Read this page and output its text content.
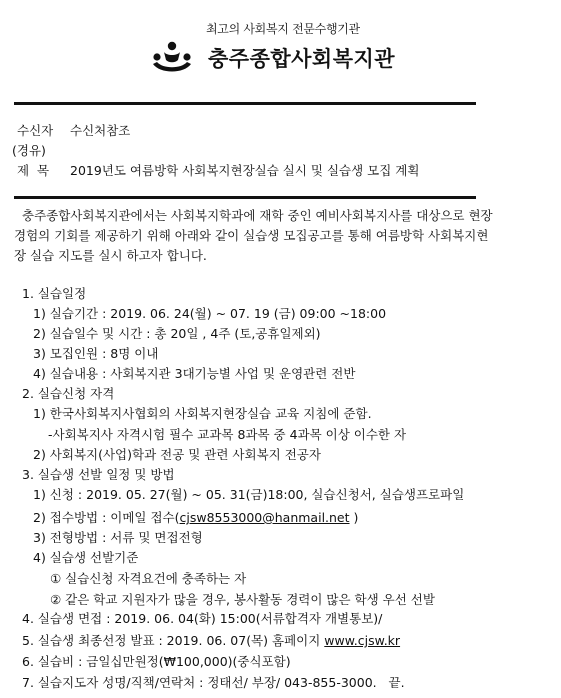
최고의 사회복지 전문수행기관
충주종합사회복지관
수신자 수신처참조
(경유)
제  목 2019년도 여름방학 사회복지현장실습 실시 및 실습생 모집 계획
충주종합사회복지관에서는 사회복지학과에 재학 중인 예비사회복지사를 대상으로 현장
경험의 기회를 제공하기 위해 아래와 같이 실습생 모집공고를 통해 여름방학 사회복지현
장 실습 지도를 실시 하고자 합니다.
1. 실습일정
1) 실습기간 : 2019. 06. 24(월) ~ 07. 19 (금) 09:00 ~18:00
2) 실습일수 및 시간 : 총 20일 , 4주 (토,공휴일제외)
3) 모집인원 : 8명 이내
4) 실습내용 : 사회복지관 3대기능별 사업 및 운영관련 전반
2. 실습신청 자격
1) 한국사회복지사협회의 사회복지현장실습 교육 지침에 준함.
-사회복지사 자격시험 필수 교과목 8과목 중 4과목 이상 이수한 자
2) 사회복지(사업)학과 전공 및 관련 사회복지 전공자
3. 실습생 선발 일정 및 방법
1) 신청 : 2019. 05. 27(월) ~ 05. 31(금)18:00, 실습신청서, 실습생프로파일
2) 접수방법 : 이메일 접수(cjsw8553000@hanmail.net )
3) 전형방법 : 서류 및 면접전형
4) 실습생 선발기준
① 실습신청 자격요건에 충족하는 자
② 같은 학교 지원자가 많을 경우, 봉사활동 경력이 많은 학생 우선 선발
4. 실습생 면접 : 2019. 06. 04(화) 15:00(서류합격자 개별통보)/
5. 실습생 최종선정 발표 : 2019. 06. 07(목) 홈페이지 www.cjsw.kr
6. 실습비 : 금일십만원정(₩100,000)(중식포함)
7. 실습지도자 성명/직책/연락처 : 정태선/ 부장/ 043-855-3000.   끝.
